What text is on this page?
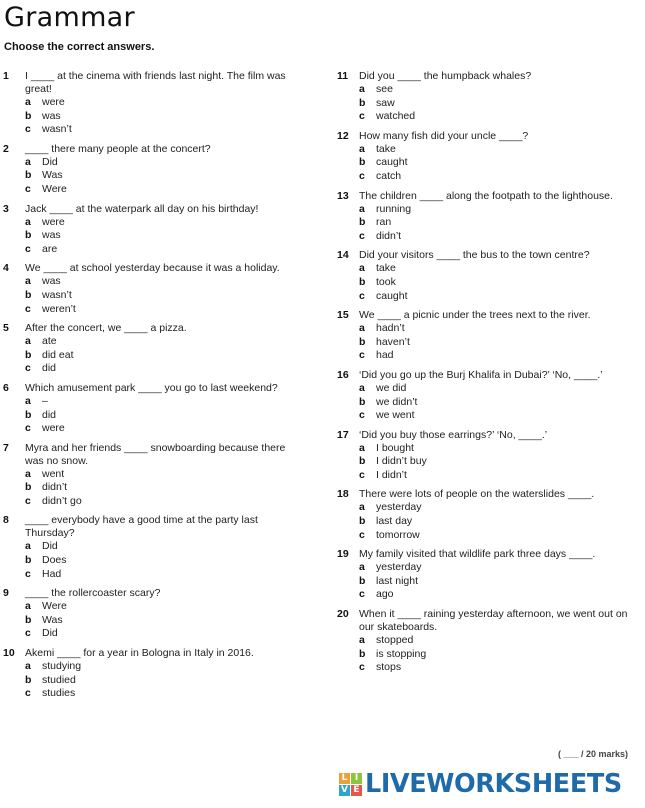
Grammar
Choose the correct answers.
1	I ____ at the cinema with friends last night. The film was great!
a were
b was
c wasn’t
2	____ there many people at the concert?
a Did
b Was
c Were
3	Jack ____ at the waterpark all day on his birthday!
a were
b was
c are
4	We ____ at school yesterday because it was a holiday.
a was
b wasn’t
c weren’t
5	After the concert, we ____ a pizza.
a ate
b did eat
c did
6	Which amusement park ____ you go to last weekend?
a –
b did
c were
7	Myra and her friends ____ snowboarding because there was no snow.
a went
b didn’t
c didn’t go
8	____ everybody have a good time at the party last Thursday?
a Did
b Does
c Had
9	____ the rollercoaster scary?
a Were
b Was
c Did
10 Akemi ____ for a year in Bologna in Italy in 2016.
a studying
b studied
c studies
11	Did you ____ the humpback whales?
a see
b saw
c watched
12 How many fish did your uncle ____?
a take
b caught
c catch
13 The children ____ along the footpath to the lighthouse.
a running
b ran
c didn’t
14 Did your visitors ____ the bus to the town centre?
a take
b took
c caught
15 We ____ a picnic under the trees next to the river.
a hadn’t
b haven’t
c had
16 ‘Did you go up the Burj Khalifa in Dubai?’ ‘No, ____.’
a we did
b we didn’t
c we went
17 ‘Did you buy those earrings?’ ‘No, ____.’
a I bought
b I didn’t buy
c I didn’t
18 There were lots of people on the waterslides ____.
a yesterday
b last day
c tomorrow
19 My family visited that wildlife park three days ____.
a yesterday
b last night
c ago
20 When it ____ raining yesterday afternoon, we went out on our skateboards.
a stopped
b is stopping
c stops
( ___ / 20 marks)
L I
V E LIVEWORKSHEETS
